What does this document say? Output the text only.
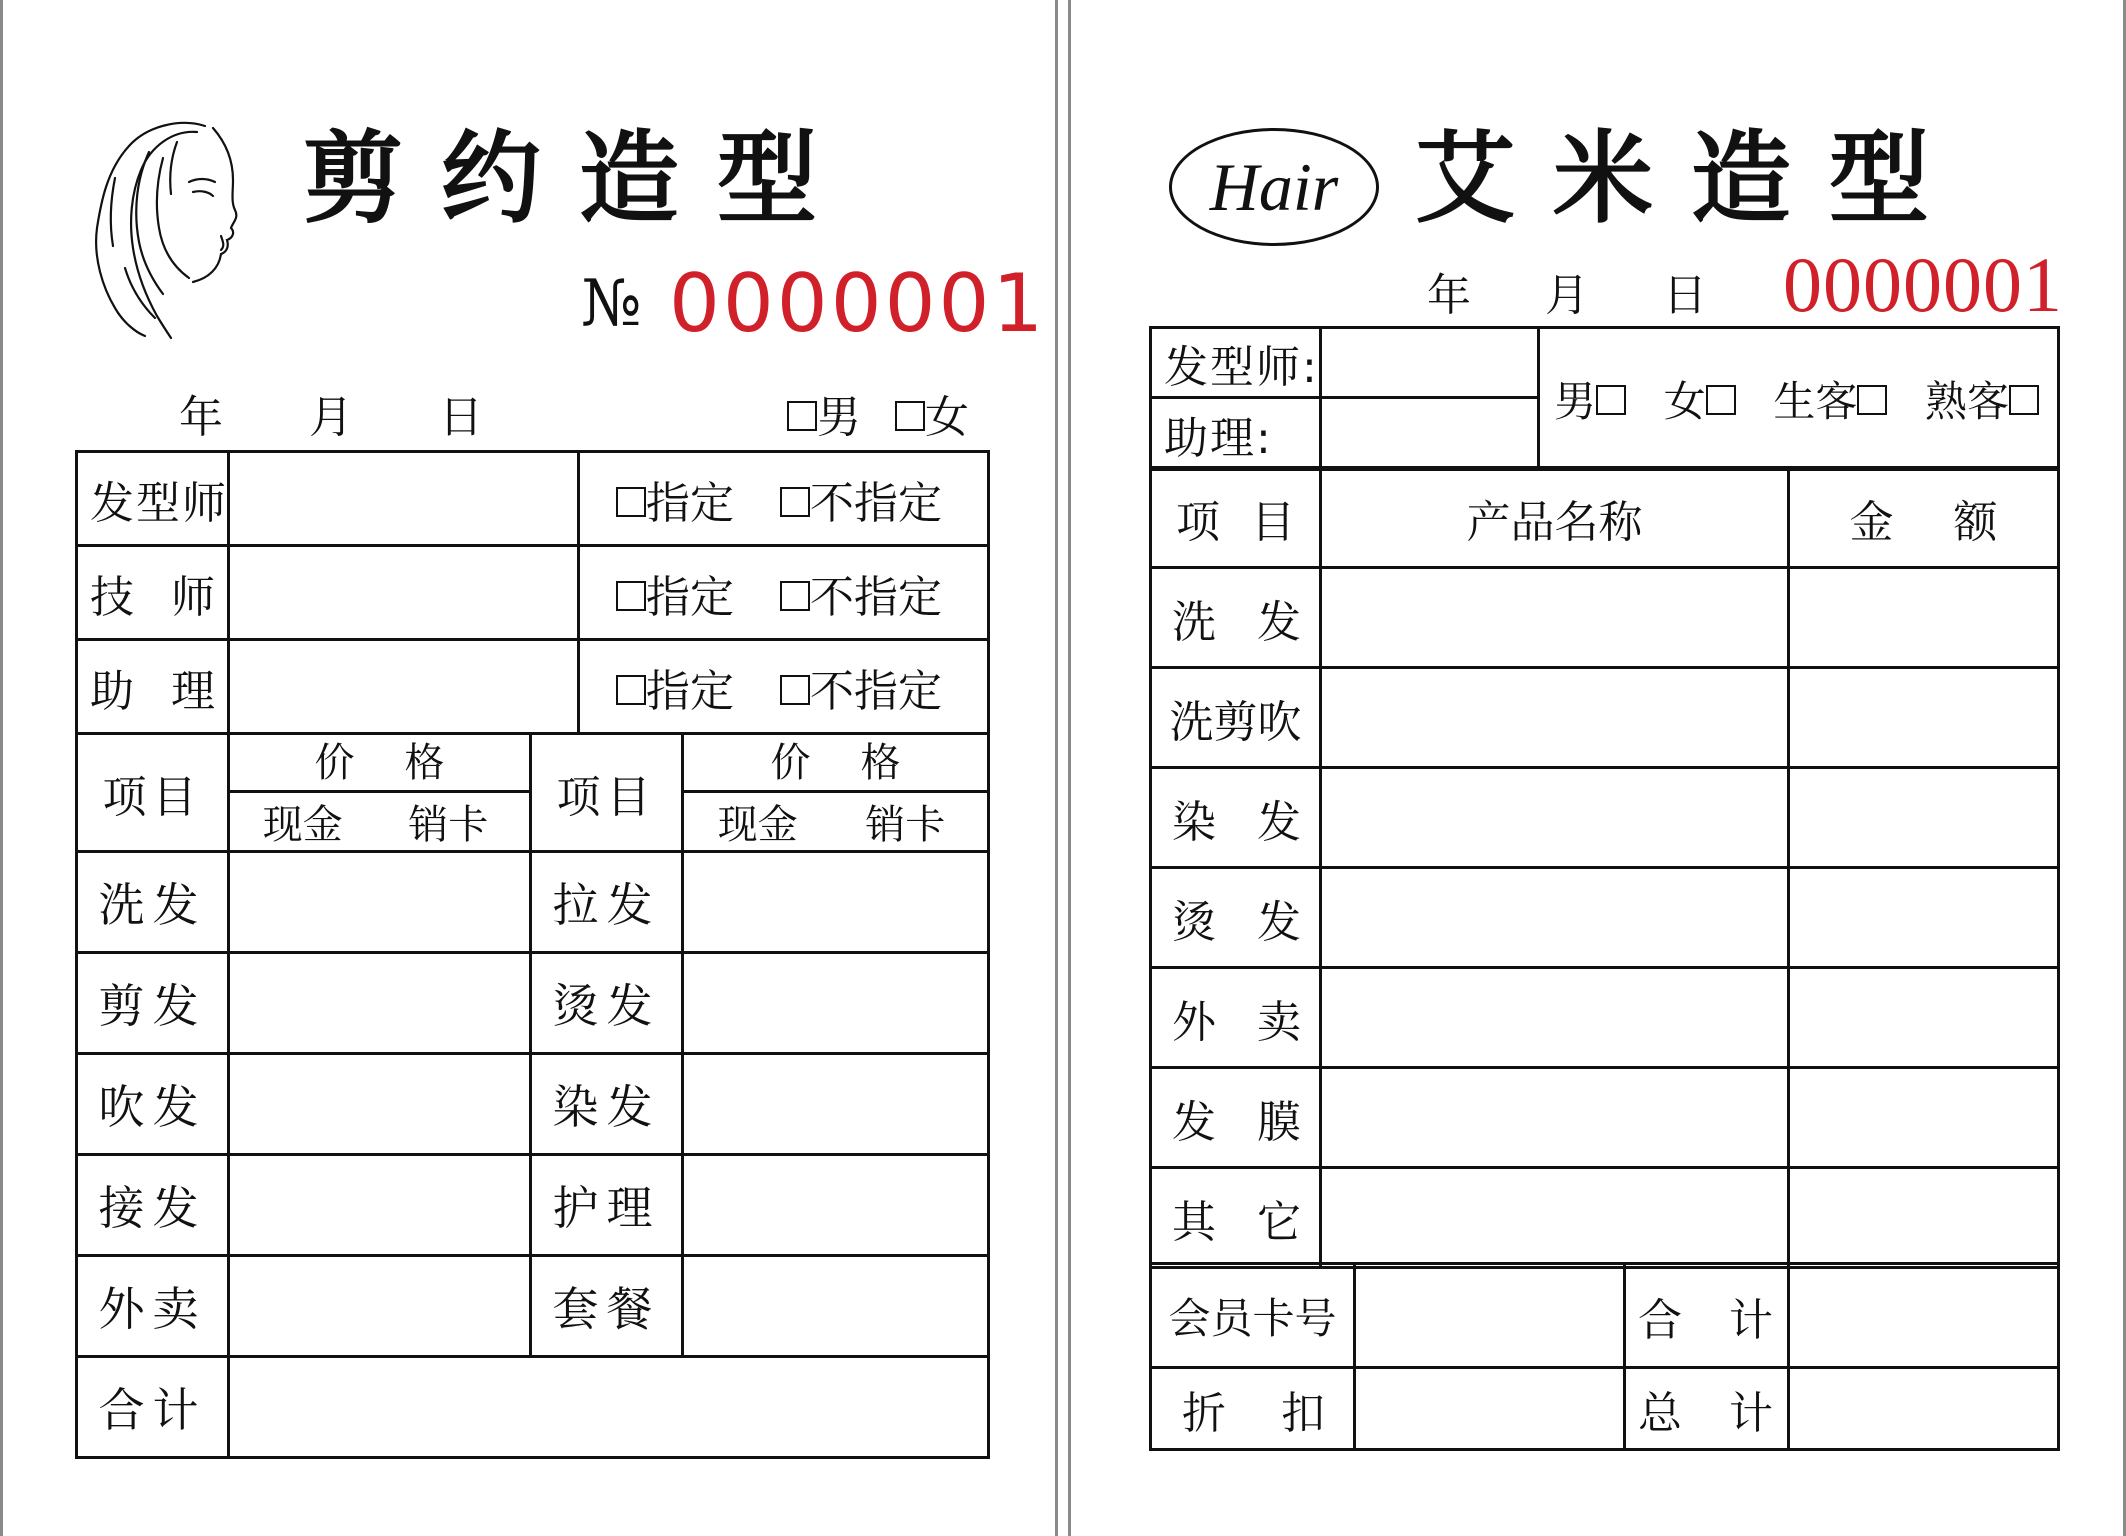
剪约造型
№ 0000001
年 月 日	男	女
发型师		指定 不指定

技 师		指定 不指定

助 理		指定 不指定
项目	价 格	项目	价 格

	现金 销卡		现金 销卡

洗发		拉发	
剪发		烫发	
吹发		染发	
接发		护理	
外卖		套餐	
合计			
Hair 艾米造型
年 月 日 0000001
发型师:		男 女 生客 熟客

助理:		
项 目	产品名称	金 额

洗 发		

洗剪吹		

染 发		

烫 发		

外 卖		

发 膜		

其 它		

会员卡号		合 计	

折 扣		总 计	
